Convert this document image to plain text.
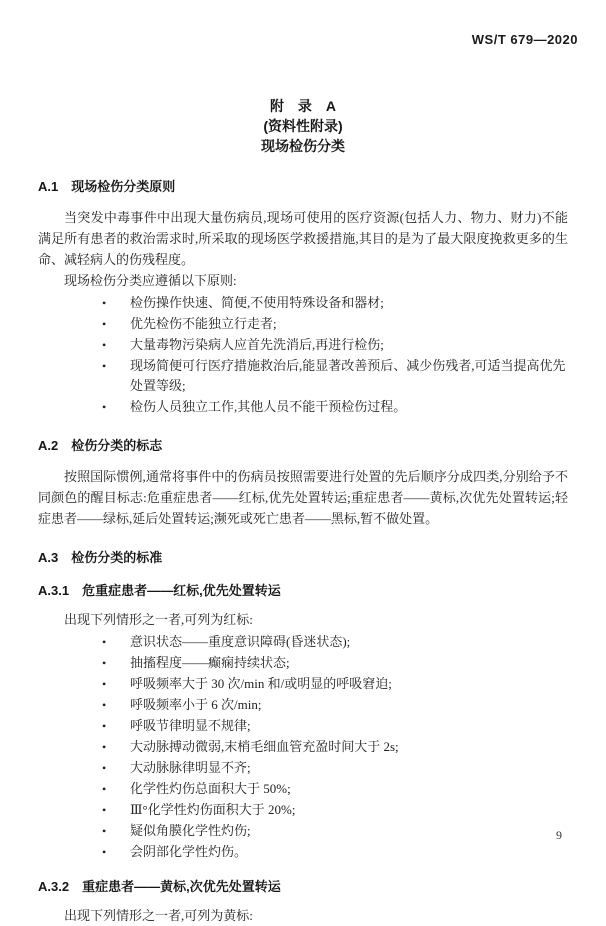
WS/T 679—2020
附　录　A
(资料性附录)
现场检伤分类
A.1 现场检伤分类原则

当突发中毒事件中出现大量伤病员,现场可使用的医疗资源(包括人力、物力、财力)不能满足所有患者的救治需求时,所采取的现场医学救援措施,其目的是为了最大限度挽救更多的生命、减轻病人的伤残程度。

现场检伤分类应遵循以下原则:

•	检伤操作快速、简便,不使用特殊设备和器材;
•	优先检伤不能独立行走者;
•	大量毒物污染病人应首先洗消后,再进行检伤;
•	现场简便可行医疗措施救治后,能显著改善预后、减少伤残者,可适当提高优先处置等级;
•	检伤人员独立工作,其他人员不能干预检伤过程。
A.2 检伤分类的标志

按照国际惯例,通常将事件中的伤病员按照需要进行处置的先后顺序分成四类,分别给予不同颜色的醒目标志:危重症患者——红标,优先处置转运;重症患者——黄标,次优先处置转运;轻症患者——绿标,延后处置转运;濒死或死亡患者——黑标,暂不做处置。

A.3 检伤分类的标准
A.3.1 危重症患者——红标,优先处置转运

出现下列情形之一者,可列为红标:

•	意识状态——重度意识障碍(昏迷状态);
•	抽搐程度——癫痫持续状态;
•	呼吸频率大于 30 次/min 和/或明显的呼吸窘迫;
•	呼吸频率小于 6 次/min;
•	呼吸节律明显不规律;
•	大动脉搏动微弱,末梢毛细血管充盈时间大于 2s;
•	大动脉脉律明显不齐;
•	化学性灼伤总面积大于 50%;
•	Ⅲ°化学性灼伤面积大于 20%;
•	疑似角膜化学性灼伤;
•	会阴部化学性灼伤。
A.3.2 重症患者——黄标,次优先处置转运

出现下列情形之一者,可列为黄标:

9
